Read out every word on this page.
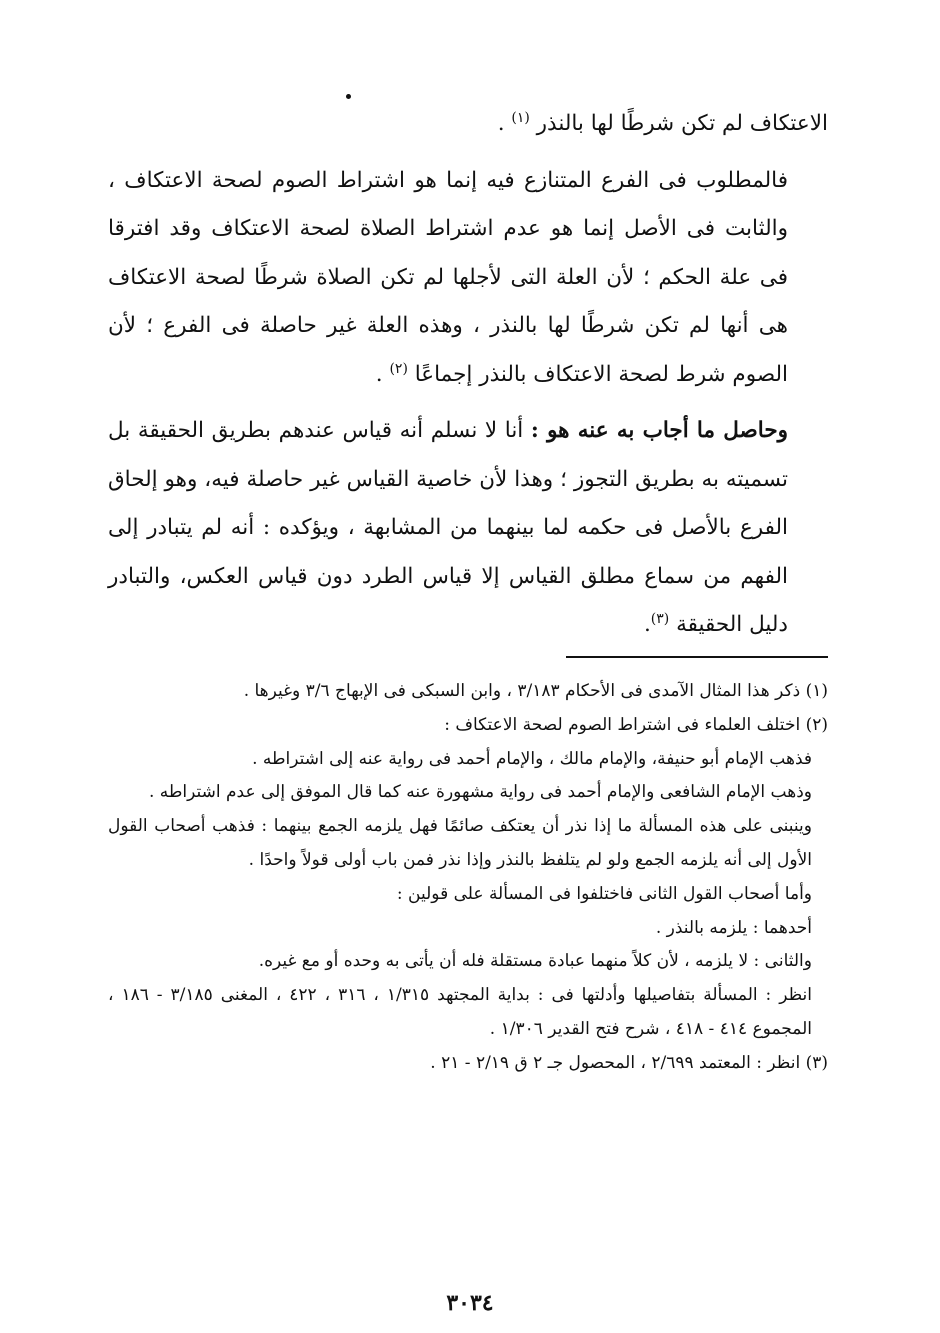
الاعتكاف لم تكن شرطًا لها بالنذر $^{(١)}$ .

فالمطلوب فى الفرع المتنازع فيه إنما هو اشتراط الصوم لصحة الاعتكاف ، والثابت فى الأصل إنما هو عدم اشتراط الصلاة لصحة الاعتكاف وقد افترقا فى علة الحكم ؛ لأن العلة التى لأجلها لم تكن الصلاة شرطًا لصحة الاعتكاف هى أنها لم تكن شرطًا لها بالنذر ، وهذه العلة غير حاصلة فى الفرع ؛ لأن الصوم شرط لصحة الاعتكاف بالنذر إجماعًا $^{(٢)}$ .

وحاصل ما أجاب به عنه هو : أنا لا نسلم أنه قياس عندهم بطريق الحقيقة بل تسميته به بطريق التجوز ؛ وهذا لأن خاصية القياس غير حاصلة فيه، وهو إلحاق الفرع بالأصل فى حكمه لما بينهما من المشابهة ، ويؤكده : أنه لم يتبادر إلى الفهم من سماع مطلق القياس إلا قياس الطرد دون قياس العكس، والتبادر دليل الحقيقة $^{(٣)}$.

(١) ذكر هذا المثال الآمدى فى الأحكام ٣/١٨٣ ، وابن السبكى فى الإبهاج ٣/٦ وغيرها .

(٢) اختلف العلماء فى اشتراط الصوم لصحة الاعتكاف :

فذهب الإمام أبو حنيفة، والإمام مالك ، والإمام أحمد فى رواية عنه إلى اشتراطه .

وذهب الإمام الشافعى والإمام أحمد فى رواية مشهورة عنه كما قال الموفق إلى عدم اشتراطه .

وينبنى على هذه المسألة ما إذا نذر أن يعتكف صائمًا فهل يلزمه الجمع بينهما : فذهب أصحاب القول الأول إلى أنه يلزمه الجمع ولو لم يتلفظ بالنذر وإذا نذر فمن باب أولى قولاً واحدًا .

وأما أصحاب القول الثانى فاختلفوا فى المسألة على قولين :

أحدهما : يلزمه بالنذر .

والثانى : لا يلزمه ، لأن كلاً منهما عبادة مستقلة فله أن يأتى به وحده أو مع غيره.

انظر : المسألة بتفاصيلها وأدلتها فى : بداية المجتهد ١/٣١٥ ، ٣١٦ ، ٤٢٢ ، المغنى ٣/١٨٥ - ١٨٦ ، المجموع ٤١٤ - ٤١٨ ، شرح فتح القدير ١/٣٠٦ .

(٣) انظر : المعتمد ٢/٦٩٩ ، المحصول جـ ٢ ق ٢/١٩ - ٢١ .

٣٠٣٤
